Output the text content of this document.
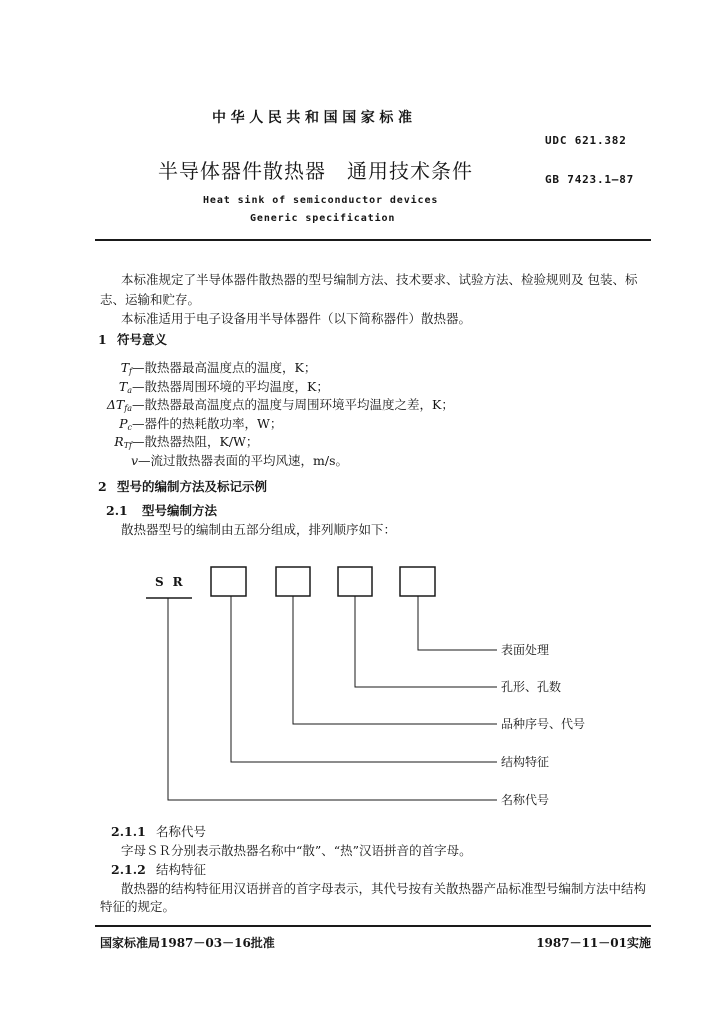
中华人民共和国国家标准
UDC 621.382
半导体器件散热器　通用技术条件	GB 7423.1—87
Heat sink of semiconductor devices
Generic specification
本标准规定了半导体器件散热器的型号编制方法、技术要求、试验方法、检验规则及 包装、标
志、运输和贮存。
本标准适用于电子设备用半导体器件（以下简称器件）散热器。
1 符号意义
$T_f—$散热器最高温度点的温度，K；
$T_a—$散热器周围环境的平均温度，K；
$\Delta T_{fa}—$散热器最高温度点的温度与周围环境平均温度之差，K；
$P_c—$器件的热耗散功率，W；
$R_{Tf}—$散热器热阻，K/W；
v—流过散热器表面的平均风速，m/s。
2 型号的编制方法及标记示例
2.1 型号编制方法
散热器型号的编制由五部分组成，排列顺序如下：
SR
表面处理
孔形、孔数
品种序号、代号
结构特征
名称代号
2.1.1 名称代号
字母ＳＲ分别表示散热器名称中“散”、“热”汉语拼音的首字母。
2.1.2 结构特征
散热器的结构特征用汉语拼音的首字母表示，其代号按有关散热器产品标准型号编制方法中结构
特征的规定。
国家标准局1987－03－16批准	1987－11－01实施
